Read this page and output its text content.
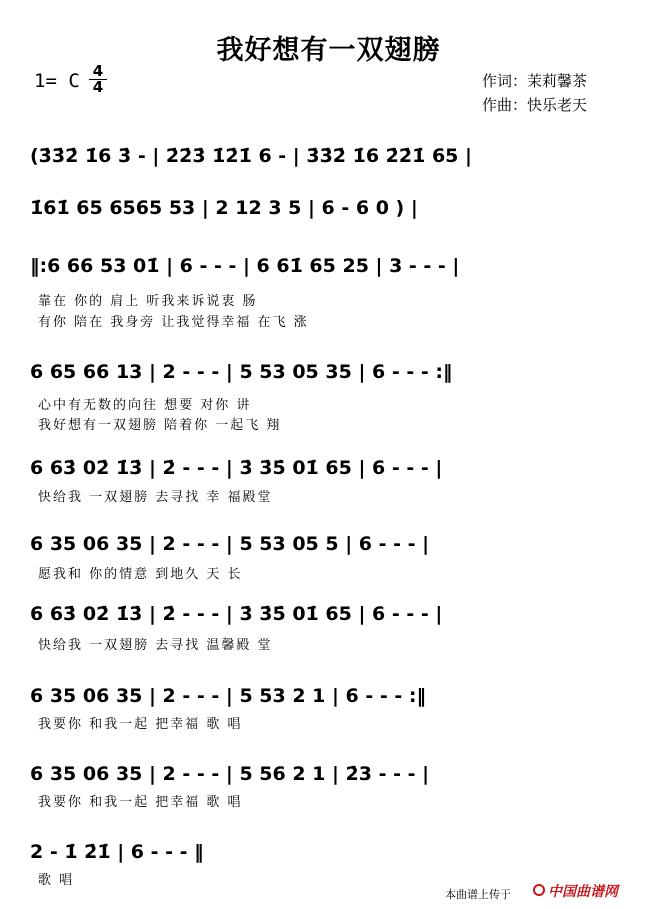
我好想有一双翅膀
1= C 4
4	作词：茉莉馨茶
作曲：快乐老天
(3̇3̇2̇ 1̇6 3̇ - | 2̇2̇3̇ 1̇2̇1̇ 6 - | 3̇3̇2̇ 1̇6 2̇2̇1̇ 65 |
1̇61̇ 65 6565 53 | 2 12 3 5 | 6 - 6 0 ) |
‖:6 66 53 01̇ | 6 - - - | 6 61̇ 65 25 | 3 - - - |
靠在 你的 肩上 听我来诉说衷 肠
有你 陪在 我身旁 让我觉得幸福 在飞 涨
6 65 66 13 | 2 - - - | 5 53 05 35 | 6 - - - :‖
心中有无数的向往 想要 对你 讲
我好想有一双翅膀 陪着你 一起飞 翔
6 63̇ 02̇ 1̇3̇ | 2̇ - - - | 3̇ 3̇5̇ 01̇ 65 | 6 - - - |
快给我 一双翅膀 去寻找 幸 福殿堂
6 35 06 35 | 2 - - - | 5 53 05 5 | 6 - - - |
愿我和 你的情意 到地久 天 长
6 63̇ 02̇ 1̇3̇ | 2̇ - - - | 3̇ 3̇5̇ 01̇ 65 | 6 - - - |
快给我 一双翅膀 去寻找 温馨殿 堂
6 35 06 35 | 2 - - - | 5 53 2 1 | 6 - - - :‖
我要你 和我一起 把幸福 歌 唱
6 35 06 35 | 2 - - - | 5 56 2 1 | 2̇3 - - - |
我要你 和我一起 把幸福 歌 唱
2 - 1̇ 2̇1̇ | 6 - - - ‖
歌 唱
本曲谱上传于	中国曲谱网
